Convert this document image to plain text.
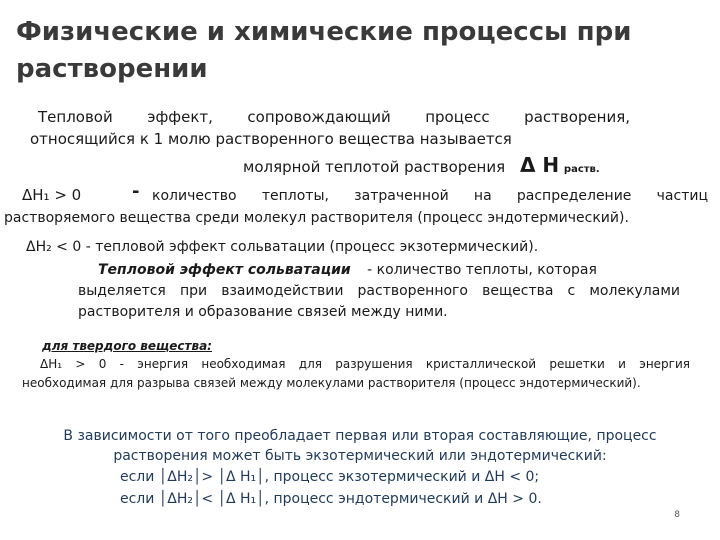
Физические и химические процессы при растворении
Тепловой эффект, сопровождающий процесс растворения,
относящийся к 1 молю растворенного вещества называется
молярной теплотой растворения Δ H раств.
ΔH₁ > 0	- количество теплоты, затраченной на распределение частиц
растворяемого вещества среди молекул растворителя (процесс эндотермический).
ΔH₂ < 0 - тепловой эффект сольватации (процесс экзотермический).
Тепловой эффект сольватации - количество теплоты, которая
выделяется при взаимодействии растворенного вещества с молекулами
растворителя и образование связей между ними.
для твердого вещества:
ΔH₁ > 0 - энергия необходимая для разрушения кристаллической решетки и энергия
необходимая для разрыва связей между молекулами растворителя (процесс эндотермический).
В зависимости от того преобладает первая или вторая составляющие, процесс
растворения может быть экзотермический или эндотермический:
если │ΔH₂│> │Δ H₁│, процесс экзотермический и ΔH < 0;
если │ΔH₂│< │Δ H₁│, процесс эндотермический и ΔH > 0.
8
